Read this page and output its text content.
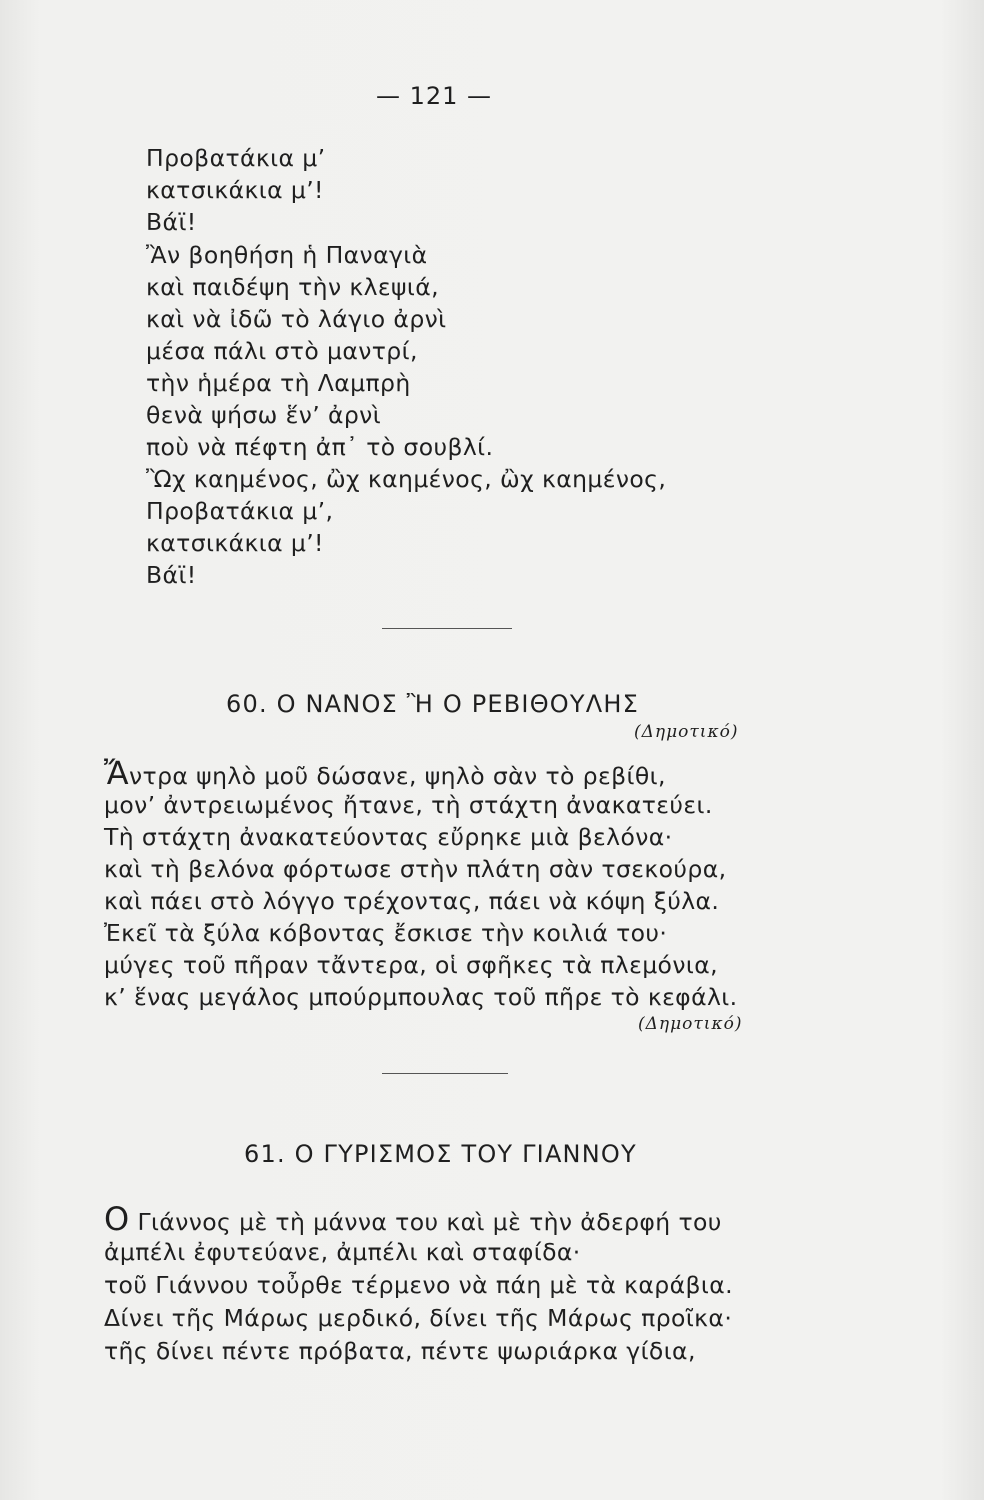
— 121 —
Προβατάκια μ’
κατσικάκια μ’!
Βάϊ!
Ἂν βοηθήση ἡ Παναγιὰ
καὶ παιδέψη τὴν κλεψιά,
καὶ νὰ ἰδῶ τὸ λάγιο ἀρνὶ
μέσα πάλι στὸ μαντρί,
τὴν ἡμέρα τὴ Λαμπρὴ
θενὰ ψήσω ἕν’ ἀρνὶ
ποὺ νὰ πέφτη ἀπ᾽ τὸ σουβλί.
Ὢχ καημένος, ὢχ καημένος, ὢχ καημένος,
Προβατάκια μ’,
κατσικάκια μ’!
Βάϊ!
60. Ο ΝΑΝΟΣ Ἢ Ο ΡΕΒΙΘΟΥΛΗΣ
(Δημοτικό)
Ἄντρα ψηλὸ μοῦ δώσανε, ψηλὸ σὰν τὸ ρεβίθι,
μον’ ἀντρειωμένος ἤτανε, τὴ στάχτη ἀνακατεύει.
Τὴ στάχτη ἀνακατεύοντας εὔρηκε μιὰ βελόνα·
καὶ τὴ βελόνα φόρτωσε στὴν πλάτη σὰν τσεκούρα,
καὶ πάει στὸ λόγγο τρέχοντας, πάει νὰ κόψη ξύλα.
Ἐκεῖ τὰ ξύλα κόβοντας ἔσκισε τὴν κοιλιά του·
μύγες τοῦ πῆραν τἄντερα, οἱ σφῆκες τὰ πλεμόνια,
κ’ ἕνας μεγάλος μπούρμπουλας τοῦ πῆρε τὸ κεφάλι.
(Δημοτικό)
61. Ο ΓΥΡΙΣΜΟΣ ΤΟΥ ΓΙΑΝΝΟΥ
Ο Γιάννος μὲ τὴ μάννα του καὶ μὲ τὴν ἀδερφή του
ἀμπέλι ἐφυτεύανε, ἀμπέλι καὶ σταφίδα·
τοῦ Γιάννου τοὖρθε τέρμενο νὰ πάη μὲ τὰ καράβια.
Δίνει τῆς Μάρως μερδικό, δίνει τῆς Μάρως προῖκα·
τῆς δίνει πέντε πρόβατα, πέντε ψωριάρκα γίδια,
